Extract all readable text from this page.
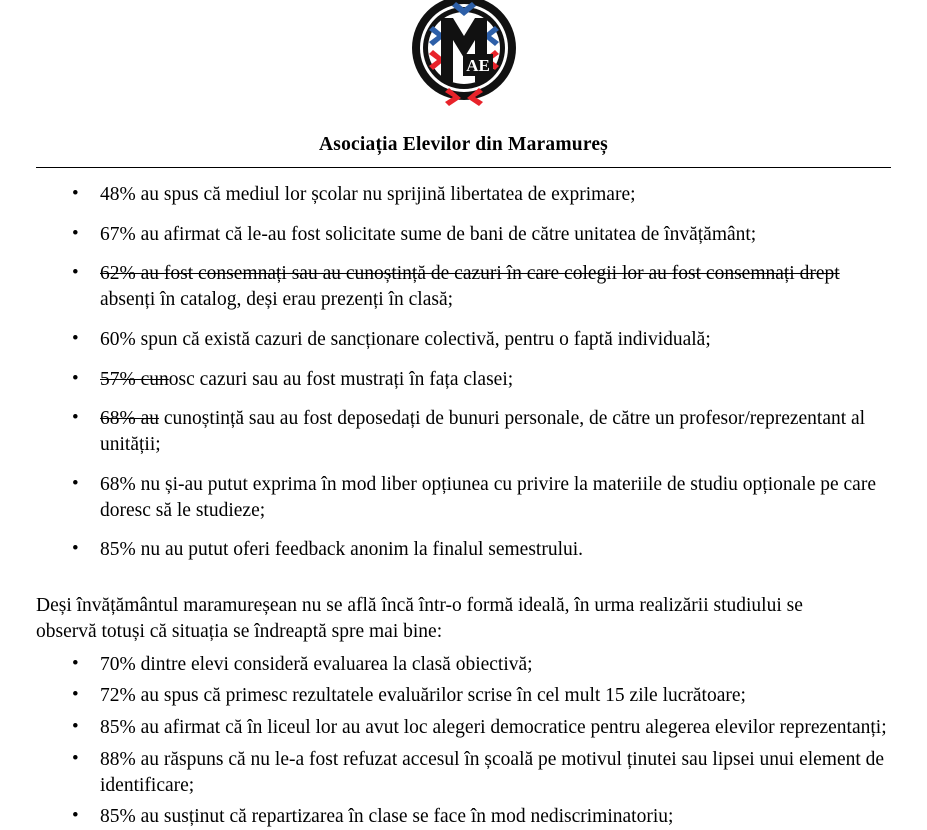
AE
Asociația Elevilor din Maramureș
• 48% au spus că mediul lor școlar nu sprijină libertatea de exprimare;
• 67% au afirmat că le-au fost solicitate sume de bani de către unitatea de învățământ;
• 62% au fost consemnați sau au cunoștință de cazuri în care colegii lor au fost consemnați drept absenți în catalog, deși erau prezenți în clasă;
• 60% spun că există cazuri de sancționare colectivă, pentru o faptă individuală;
• 57% cunosc cazuri sau au fost mustrați în fața clasei;
• 68% au cunoștință sau au fost deposedați de bunuri personale, de către un profesor/reprezentant al unității;
• 68% nu și-au putut exprima în mod liber opțiunea cu privire la materiile de studiu opționale pe care doresc să le studieze;
• 85% nu au putut oferi feedback anonim la finalul semestrului.
Deși învățământul maramureșean nu se află încă într-o formă ideală, în urma realizării studiului se observă totuși că situația se îndreaptă spre mai bine:
• 70% dintre elevi consideră evaluarea la clasă obiectivă;
• 72% au spus că primesc rezultatele evaluărilor scrise în cel mult 15 zile lucrătoare;
• 85% au afirmat că în liceul lor au avut loc alegeri democratice pentru alegerea elevilor reprezentanți;
• 88% au răspuns că nu le-a fost refuzat accesul în școală pe motivul ținutei sau lipsei unui element de identificare;
• 85% au susținut că repartizarea în clase se face în mod nediscriminatoriu;
